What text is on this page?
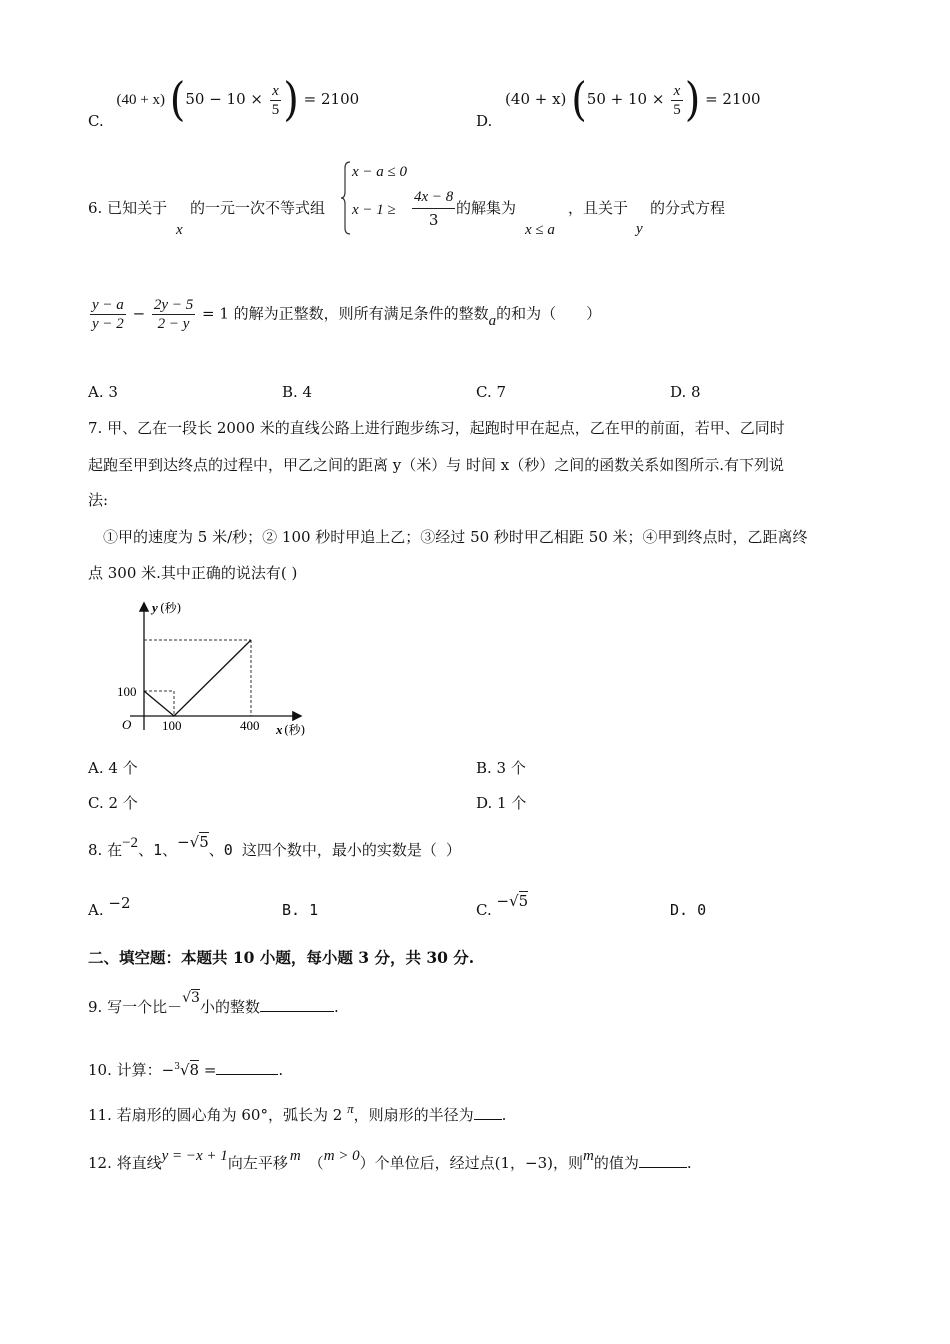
C. (40 + x) ($50 - 10 \times \frac{x}{5}$ ) = 2100
D. (40 + x) ($50 + 10 \times \frac{x}{5}$ ) = 2100
6. 已知关于
x
的一元一次不等式组
x − a ≤ 0
x − 1 ≥
4x − 8
3
的解集为
x ≤ a
，且关于
y
的分式方程
$\frac{y - a}{y - 2} - \frac{2y - 5}{2 - y} = 1$ 的解为正整数，则所有满足条件的整数a的和为（　　）
A. 3	B. 4	C. 7	D. 8
7. 甲、乙在一段长 2000 米的直线公路上进行跑步练习，起跑时甲在起点，乙在甲的前面，若甲、乙同时
起跑至甲到达终点的过程中，甲乙之间的距离 y（米）与 时间 x（秒）之间的函数关系如图所示.有下列说
法:
①甲的速度为 5 米/秒；② 100 秒时甲追上乙；③经过 50 秒时甲乙相距 50 米；④甲到终点时，乙距离终
点 300 米.其中正确的说法有( )
y (秒)
x (秒)
O
100
100	400
A. 4 个	B. 3 个
C. 2 个	D. 1 个
8. 在−2、1、−√5、0 这四个数中，最小的实数是（ ）
A. −2	B. 1	C. −√5	D. 0
二、填空题：本题共 10 小题，每小题 3 分，共 30 分.
9. 写一个比－√3小的整数	.
10. 计算：−$^3$√8 =	.
11. 若扇形的圆心角为 60°，弧长为 2 π，则扇形的半径为 .
12. 将直线y = −x + 1向左平移 m （m > 0）个单位后，经过点(1，−3)，则m的值为	.
